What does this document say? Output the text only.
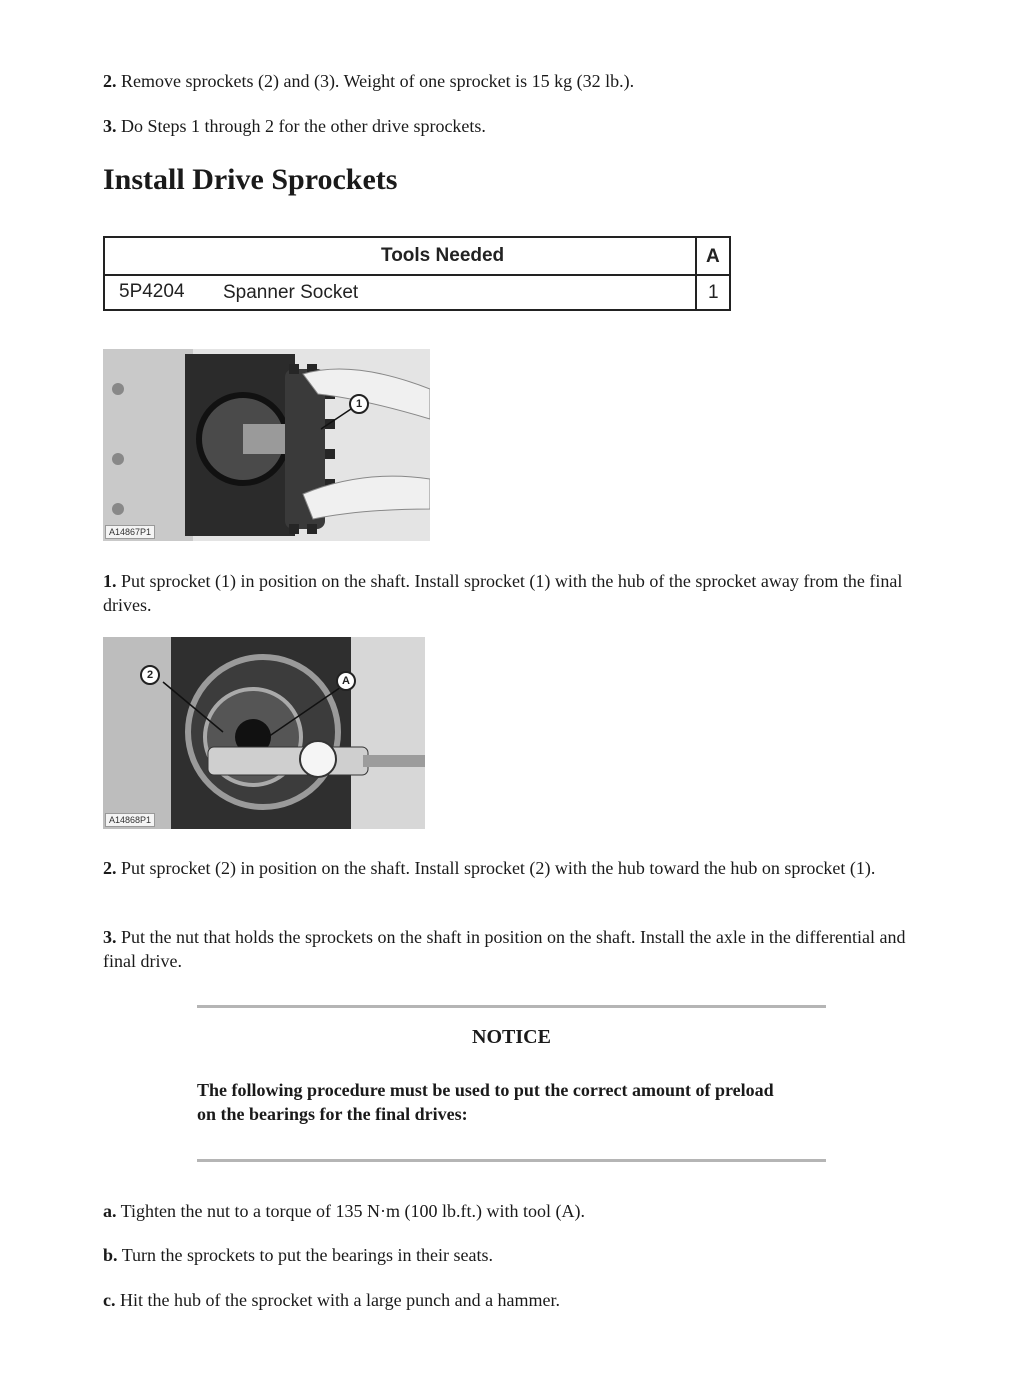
2. Remove sprockets (2) and (3). Weight of one sprocket is 15 kg (32 lb.).

3. Do Steps 1 through 2 for the other drive sprockets.

Install Drive Sprockets
Tools Needed	A
5P4204 Spanner Socket	1
1
A14867P1

1. Put sprocket (1) in position on the shaft. Install sprocket (1) with the hub of the sprocket away from the final drives.

2	A
A14868P1

2. Put sprocket (2) in position on the shaft. Install sprocket (2) with the hub toward the hub on sprocket (1).

3. Put the nut that holds the sprockets on the shaft in position on the shaft. Install the axle in the differential and final drive.

NOTICE

The following procedure must be used to put the correct amount of preload on the bearings for the final drives:

a. Tighten the nut to a torque of 135 N·m (100 lb.ft.) with tool (A).

b. Turn the sprockets to put the bearings in their seats.

c. Hit the hub of the sprocket with a large punch and a hammer.
